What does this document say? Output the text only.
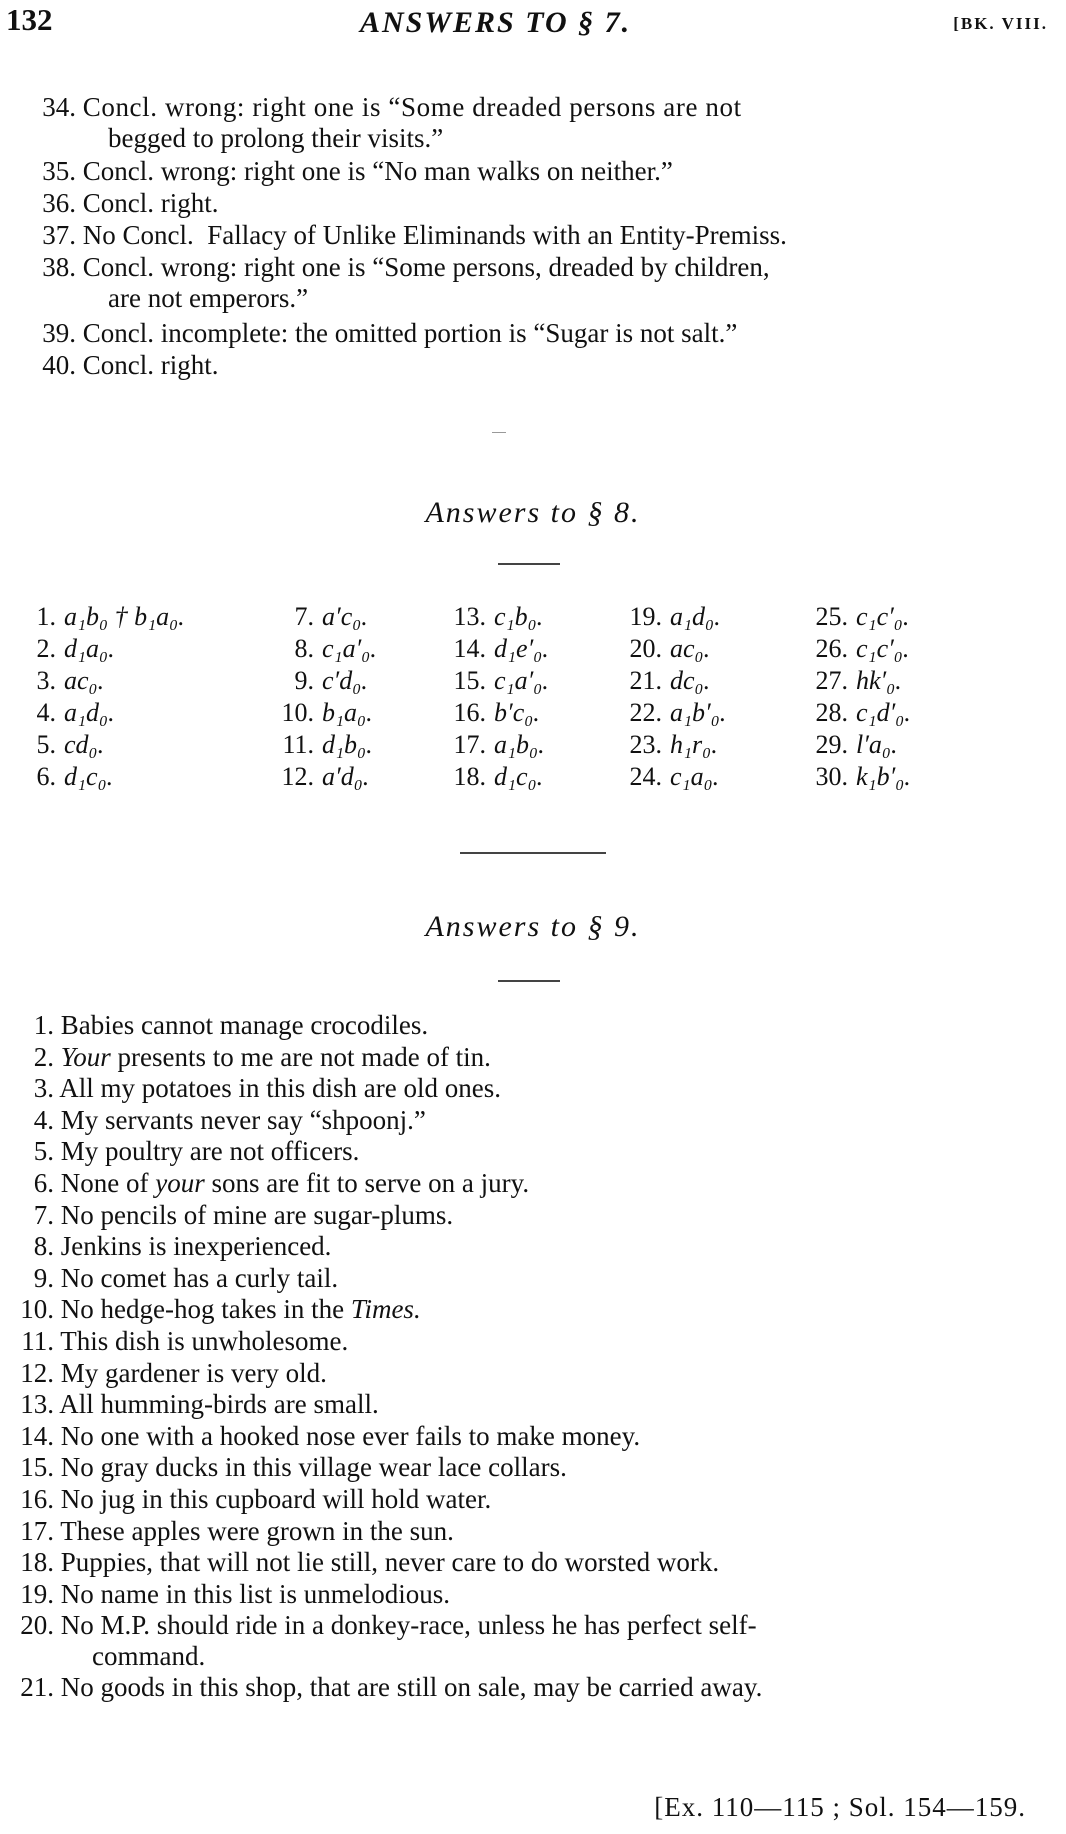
132	ANSWERS TO § 7.	[BK. VIII.
34. Concl. wrong: right one is “Some dreaded persons are not
begged to prolong their visits.”
35. Concl. wrong: right one is “No man walks on neither.”
36. Concl. right.
37. No Concl.  Fallacy of Unlike Eliminands with an Entity-Premiss.
38. Concl. wrong: right one is “Some persons, dreaded by children,
are not emperors.”
39. Concl. incomplete: the omitted portion is “Sugar is not salt.”
40. Concl. right.
Answers to § 8.
1. a₁b₀ † b₁a₀.
2. d₁a₀.
3. ac₀.
4. a₁d₀.
5. cd₀.
6. d₁c₀.
7. a′c₀.
8. c₁a′₀.
9. c′d₀.
10. b₁a₀.
11. d₁b₀.
12. a′d₀.
13. c₁b₀.
14. d₁e′₀.
15. c₁a′₀.
16. b′c₀.
17. a₁b₀.
18. d₁c₀.
19. a₁d₀.
20. ac₀.
21. dc₀.
22. a₁b′₀.
23. h₁r₀.
24. c₁a₀.
25. c₁c′₀.
26. c₁c′₀.
27. hk′₀.
28. c₁d′₀.
29. l′a₀.
30. k₁b′₀.
Answers to § 9.
1. Babies cannot manage crocodiles.
2. Your presents to me are not made of tin.
3. All my potatoes in this dish are old ones.
4. My servants never say “shpoonj.”
5. My poultry are not officers.
6. None of your sons are fit to serve on a jury.
7. No pencils of mine are sugar-plums.
8. Jenkins is inexperienced.
9. No comet has a curly tail.
10. No hedge-hog takes in the Times.
11. This dish is unwholesome.
12. My gardener is very old.
13. All humming-birds are small.
14. No one with a hooked nose ever fails to make money.
15. No gray ducks in this village wear lace collars.
16. No jug in this cupboard will hold water.
17. These apples were grown in the sun.
18. Puppies, that will not lie still, never care to do worsted work.
19. No name in this list is unmelodious.
20. No M.P. should ride in a donkey-race, unless he has perfect self-
command.
21. No goods in this shop, that are still on sale, may be carried away.
[Ex. 110—115 ; Sol. 154—159.
